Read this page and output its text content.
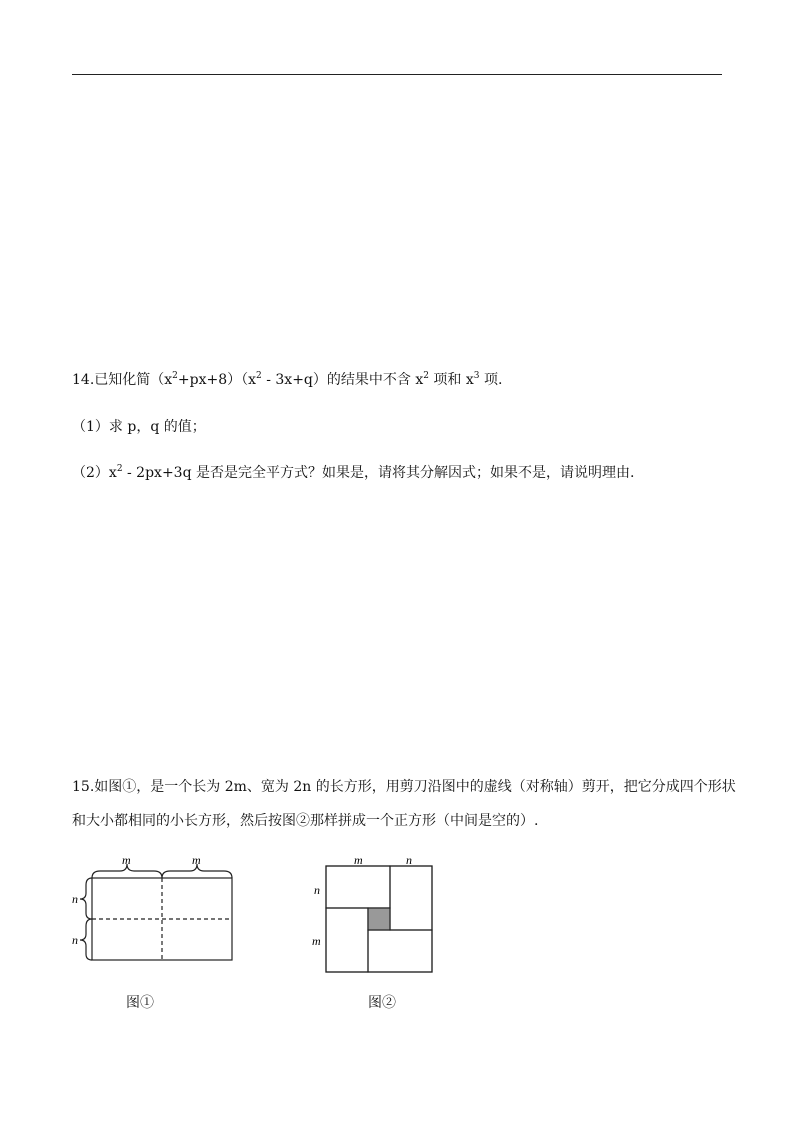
14.已知化简$(x^2+px+8)(x^2 - 3x+q)$的结果中不含 $x^2$ 项和 $x^3$ 项.
（1）求 p，q 的值；
$(2)x^2 - 2px+3q$ 是否是完全平方式？如果是，请将其分解因式；如果不是，请说明理由.
15.如图①，是一个长为 2m、宽为 2n 的长方形，用剪刀沿图中的虚线（对称轴）剪开，把它分成四个形状
和大小都相同的小长方形，然后按图②那样拼成一个正方形（中间是空的）.
m	m
n
n
图①
m	n
n
m
图②
